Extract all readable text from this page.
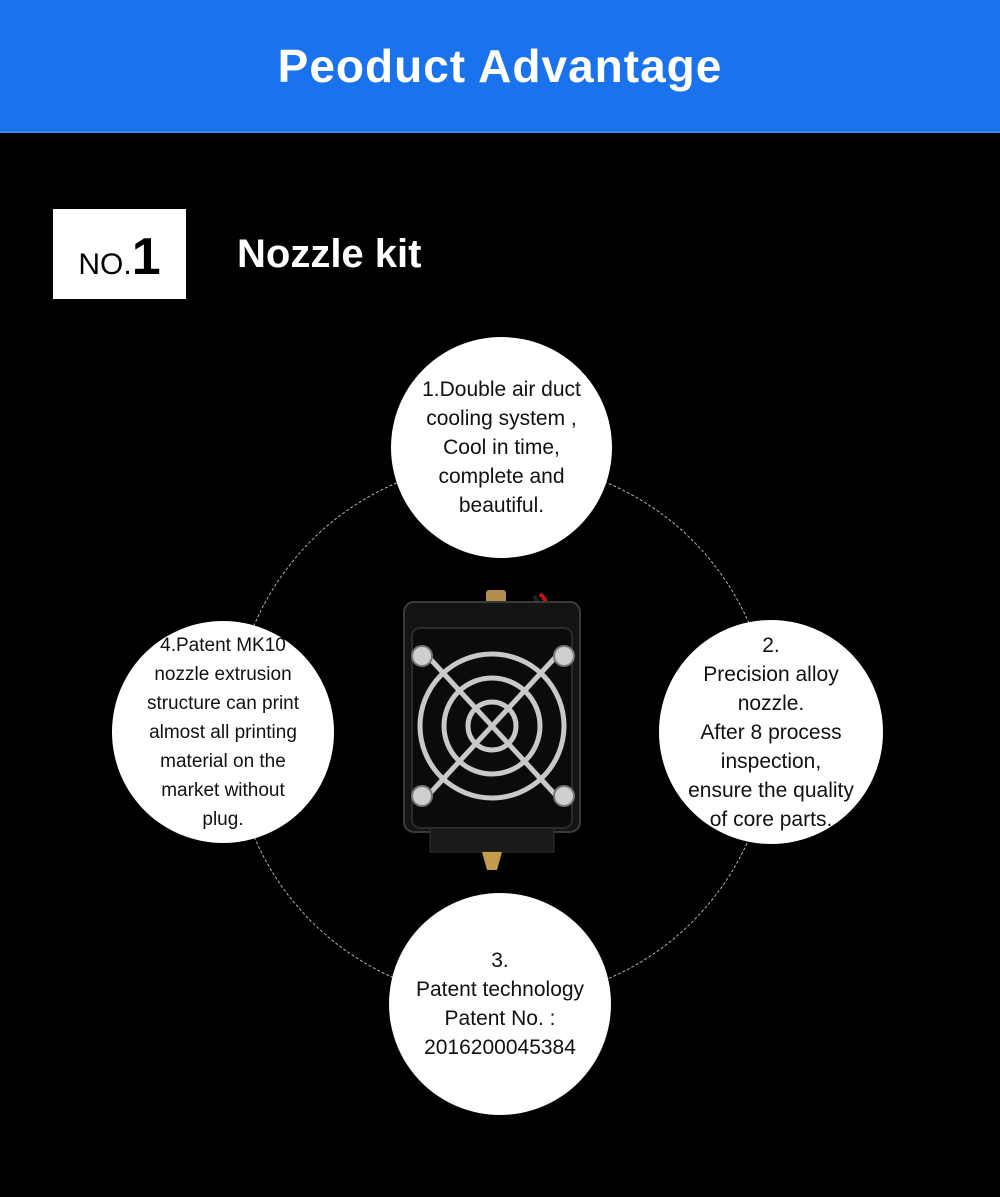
Peoduct Advantage
NO. 1 Nozzle kit
1.Double air duct
cooling system ,
Cool in time,
complete and
beautiful.
2.
Precision alloy
nozzle.
After 8 process
inspection,
ensure the quality
of core parts.
3.
Patent technology
Patent No. :
2016200045384
4.Patent MK10
nozzle extrusion
structure can print
almost all printing
material on the
market without
plug.
